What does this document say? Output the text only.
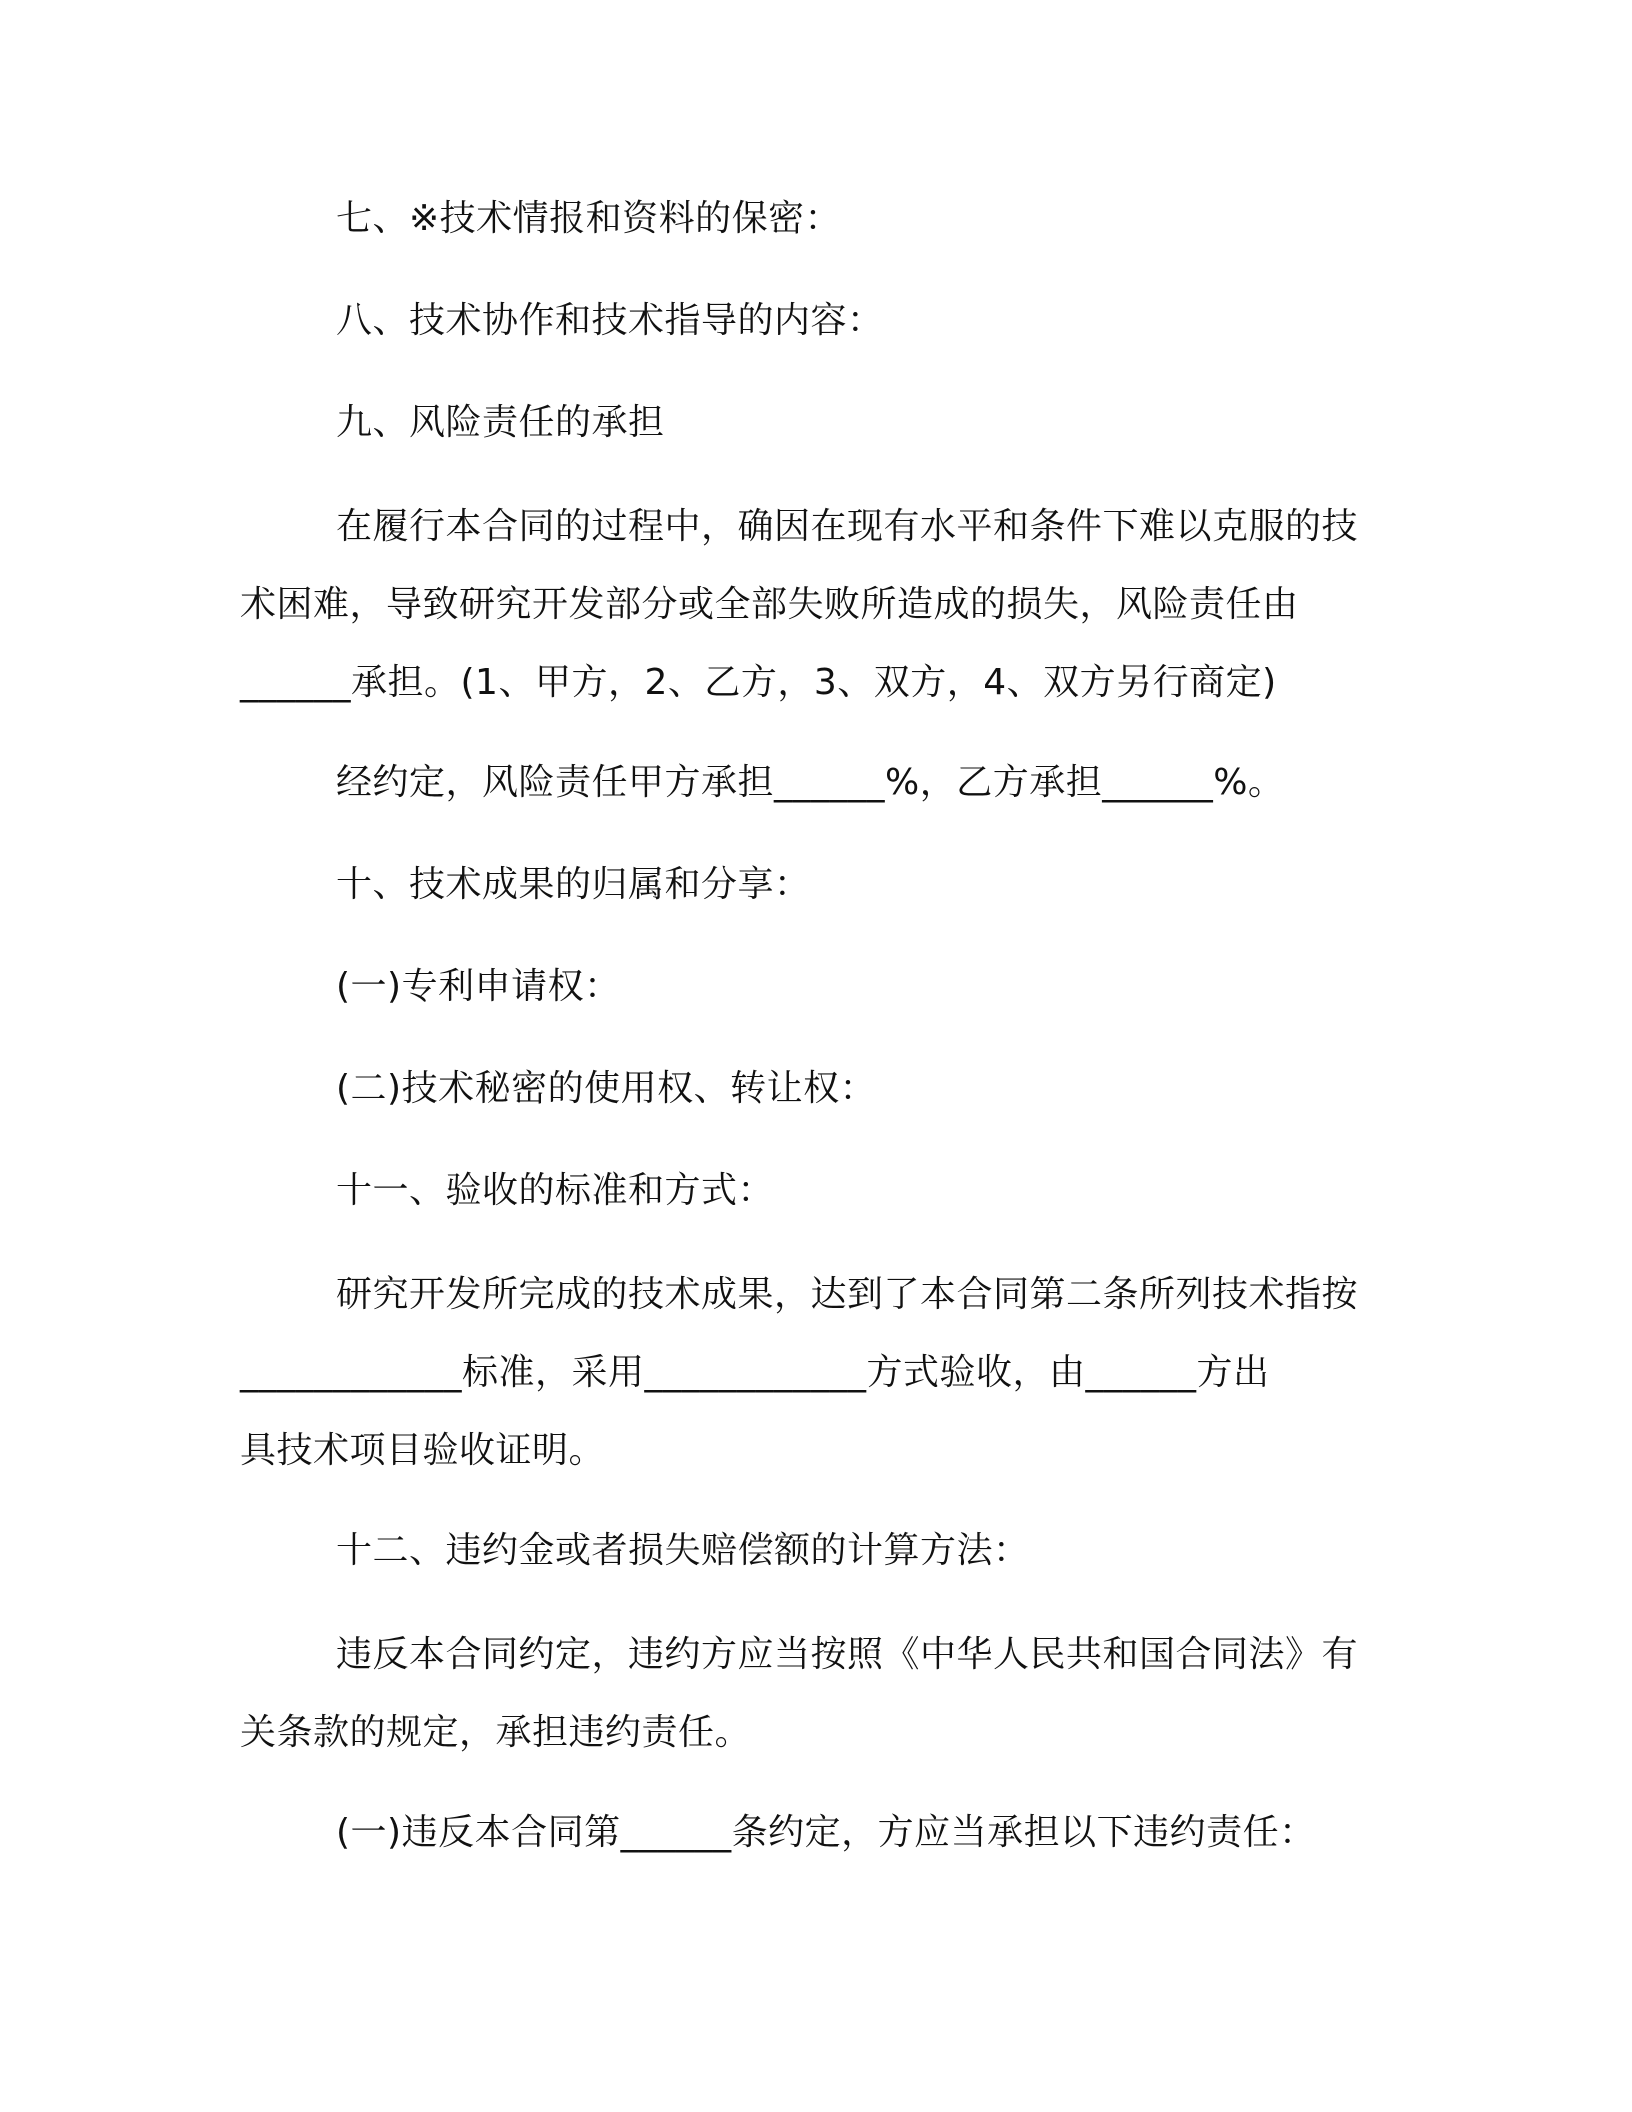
七、※技术情报和资料的保密：

八、技术协作和技术指导的内容：

九、风险责任的承担

在履行本合同的过程中，确因在现有水平和条件下难以克服的技
术困难，导致研究开发部分或全部失败所造成的损失，风险责任由
______承担。(1、甲方，2、乙方，3、双方，4、双方另行商定)

经约定，风险责任甲方承担______%，乙方承担______%。

十、技术成果的归属和分享：

(一)专利申请权：

(二)技术秘密的使用权、转让权：

十一、验收的标准和方式：

研究开发所完成的技术成果，达到了本合同第二条所列技术指按
____________标准，采用____________方式验收，由______方出
具技术项目验收证明。

十二、违约金或者损失赔偿额的计算方法：

违反本合同约定，违约方应当按照《中华人民共和国合同法》有
关条款的规定，承担违约责任。

(一)违反本合同第______条约定，方应当承担以下违约责任：
